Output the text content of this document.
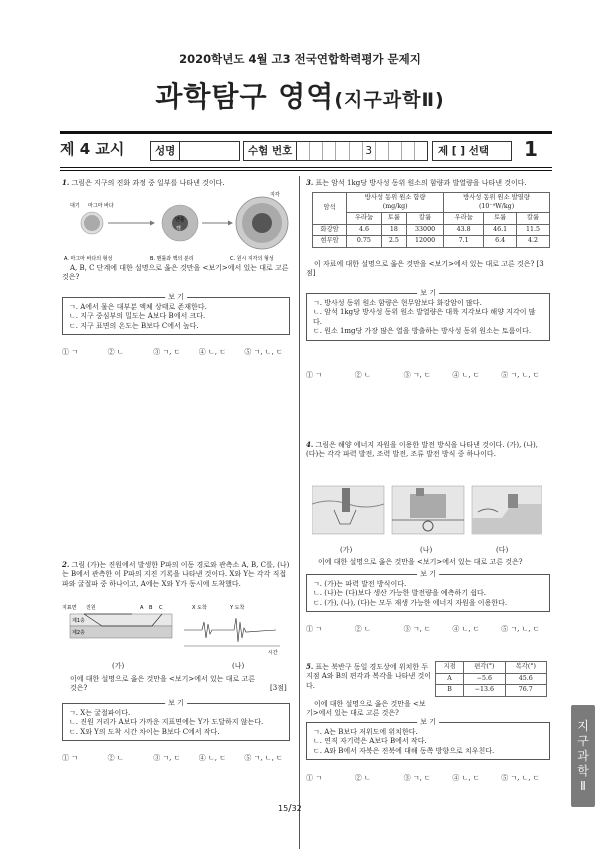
2020학년도 4월 고3 전국연합학력평가 문제지
과학탐구 영역(지구과학Ⅱ)
제 4 교시	성명	수험 번호	3	제 [ ] 선택	1
1. 그림은 지구의 진화 과정 중 일부를 나타낸 것이다.
대기 마그마 바다
맨틀
핵
지각
A. 마그마 바다의 형성	B. 맨틀과 핵의 분리	C. 원시 지각의 형성
A, B, C 단계에 대한 설명으로 옳은 것만을 <보기>에서 있는 대로 고른 것은?
보 기
ㄱ. A에서 물은 대부분 액체 상태로 존재한다.
ㄴ. 지구 중심부의 밀도는 A보다 B에서 크다.
ㄷ. 지구 표면의 온도는 B보다 C에서 높다.
① ㄱ	② ㄴ	③ ㄱ, ㄷ	④ ㄴ, ㄷ	⑤ ㄱ, ㄴ, ㄷ
2. 그림 (가)는 진원에서 발생한 P파의 이동 경로와 관측소 A, B, C를, (나)는 B에서 관측한 이 P파의 지진 기록을 나타낸 것이다. X와 Y는 각각 직접파와 굴절파 중 하나이고, A에는 X와 Y가 동시에 도착했다.
지표면 진원	A B C
제1층
제2층
X 도착	Y 도착
시간
(가)	(나)
이에 대한 설명으로 옳은 것만을 <보기>에서 있는 대로 고른 것은?	[3점]
보 기
ㄱ. X는 굴절파이다.
ㄴ. 진원 거리가 A보다 가까운 지표면에는 Y가 도달하지 않는다.
ㄷ. X와 Y의 도착 시간 차이는 B보다 C에서 작다.
① ㄱ	② ㄴ	③ ㄱ, ㄷ	④ ㄴ, ㄷ	⑤ ㄱ, ㄴ, ㄷ
3. 표는 암석 1kg당 방사성 동위 원소의 함량과 발열량을 나타낸 것이다.
암석	방사성 동위 원소 함량
(mg/kg)			방사성 동위 원소 발열량
(10⁻⁹W/kg)		
	우라늄	토륨	칼륨	우라늄	토륨	칼륨
화강암	4.6	18	33000	43.8	46.1	11.5
현무암	0.75	2.5	12000	7.1	6.4	4.2
이 자료에 대한 설명으로 옳은 것만을 <보기>에서 있는 대로 고른 것은? [3점]
보 기
ㄱ. 방사성 동위 원소 함량은 현무암보다 화강암이 많다.
ㄴ. 암석 1kg당 방사성 동위 원소 발열량은 대륙 지각보다 해양 지각이 많다.
ㄷ. 원소 1mg당 가장 많은 열을 방출하는 방사성 동위 원소는 토륨이다.
① ㄱ	② ㄴ	③ ㄱ, ㄷ	④ ㄴ, ㄷ	⑤ ㄱ, ㄴ, ㄷ
4. 그림은 해양 에너지 자원을 이용한 발전 방식을 나타낸 것이다. (가), (나), (다)는 각각 파력 발전, 조력 발전, 조류 발전 방식 중 하나이다.
(가)	(나)	(다)
이에 대한 설명으로 옳은 것만을 <보기>에서 있는 대로 고른 것은?
보 기
ㄱ. (가)는 파력 발전 방식이다.
ㄴ. (나)는 (다)보다 생산 가능한 발전량을 예측하기 쉽다.
ㄷ. (가), (나), (다)는 모두 재생 가능한 에너지 자원을 이용한다.
① ㄱ	② ㄴ	③ ㄱ, ㄷ	④ ㄴ, ㄷ	⑤ ㄱ, ㄴ, ㄷ
5. 표는 북반구 동일 경도상에 위치한 두 지점 A와 B의 편각과 복각을 나타낸 것이다.
지점	편각(°)	복각(°)
A	−5.6	45.6
B	−13.6	76.7
이에 대한 설명으로 옳은 것만을 <보기>에서 있는 대로 고른 것은?
보 기
ㄱ. A는 B보다 저위도에 위치한다.
ㄴ. 연직 자기력은 A보다 B에서 작다.
ㄷ. A와 B에서 자북은 진북에 대해 동쪽 방향으로 치우친다.
① ㄱ	② ㄴ	③ ㄱ, ㄷ	④ ㄴ, ㄷ	⑤ ㄱ, ㄴ, ㄷ
지
구
과
학
Ⅱ
15/32
